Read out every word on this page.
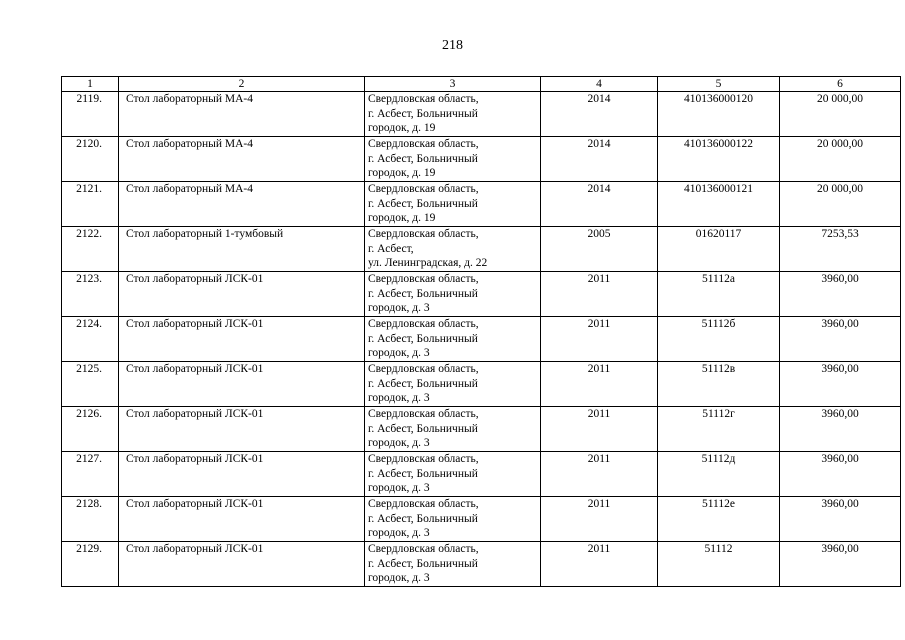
218
1	2	3	4	5	6
2119.	Стол лабораторный МА-4	Свердловская область,
г. Асбест, Больничный
городок, д. 19	2014	410136000120	20 000,00
2120.	Стол лабораторный МА-4	Свердловская область,
г. Асбест, Больничный
городок, д. 19	2014	410136000122	20 000,00
2121.	Стол лабораторный МА-4	Свердловская область,
г. Асбест, Больничный
городок, д. 19	2014	410136000121	20 000,00
2122.	Стол лабораторный 1-тумбовый	Свердловская область,
г. Асбест,
ул. Ленинградская, д. 22	2005	01620117	7253,53
2123.	Стол лабораторный ЛСК-01	Свердловская область,
г. Асбест, Больничный
городок, д. 3	2011	51112а	3960,00
2124.	Стол лабораторный ЛСК-01	Свердловская область,
г. Асбест, Больничный
городок, д. 3	2011	51112б	3960,00
2125.	Стол лабораторный ЛСК-01	Свердловская область,
г. Асбест, Больничный
городок, д. 3	2011	51112в	3960,00
2126.	Стол лабораторный ЛСК-01	Свердловская область,
г. Асбест, Больничный
городок, д. 3	2011	51112г	3960,00
2127.	Стол лабораторный ЛСК-01	Свердловская область,
г. Асбест, Больничный
городок, д. 3	2011	51112д	3960,00
2128.	Стол лабораторный ЛСК-01	Свердловская область,
г. Асбест, Больничный
городок, д. 3	2011	51112е	3960,00
2129.	Стол лабораторный ЛСК-01	Свердловская область,
г. Асбест, Больничный
городок, д. 3	2011	51112	3960,00
